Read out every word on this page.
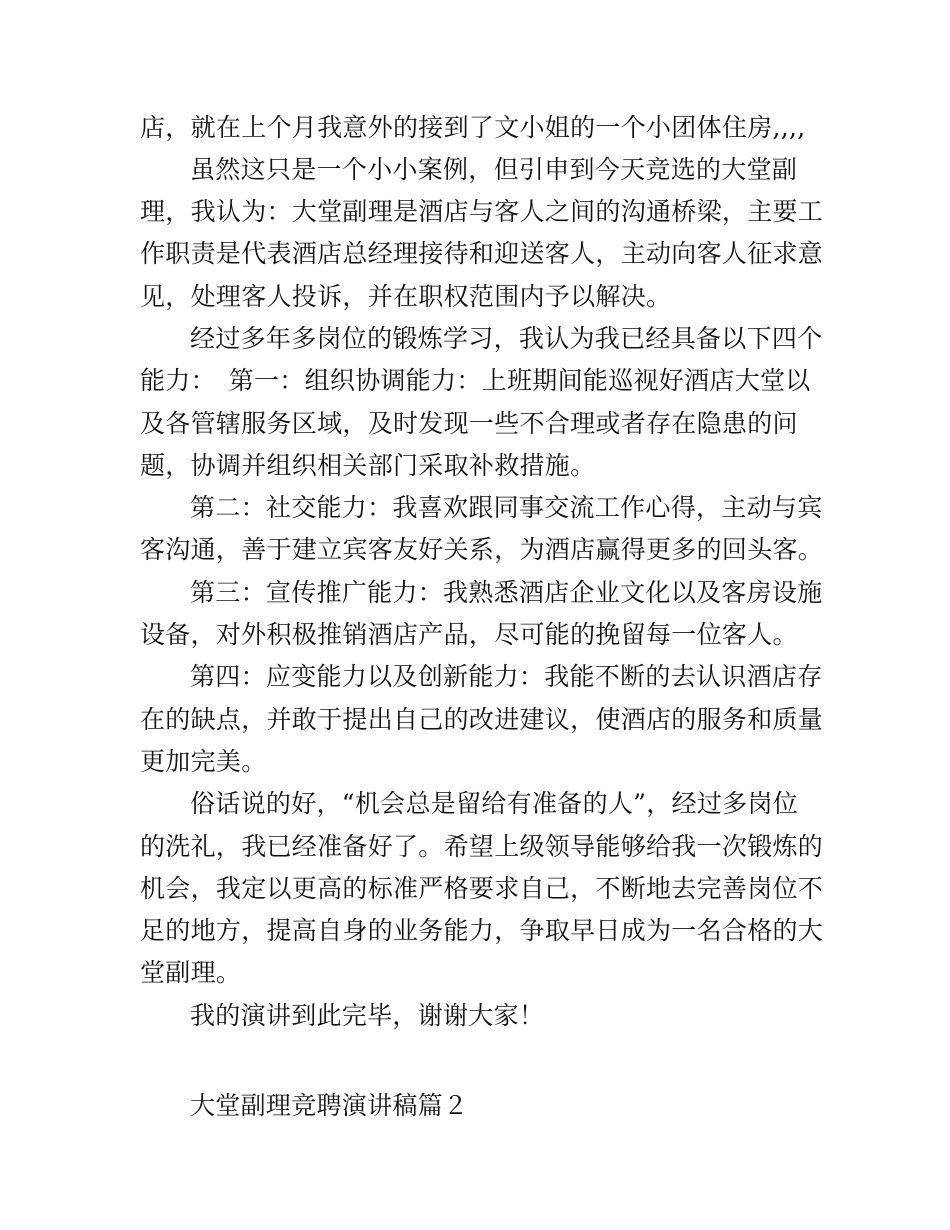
店，就在上个月我意外的接到了文小姐的一个小团体住房,,,,
虽然这只是一个小小案例，但引申到今天竞选的大堂副
理，我认为：大堂副理是酒店与客人之间的沟通桥梁，主要工
作职责是代表酒店总经理接待和迎送客人，主动向客人征求意
见，处理客人投诉，并在职权范围内予以解决。
经过多年多岗位的锻炼学习，我认为我已经具备以下四个
能力：　第一：组织协调能力：上班期间能巡视好酒店大堂以
及各管辖服务区域，及时发现一些不合理或者存在隐患的问
题，协调并组织相关部门采取补救措施。
第二：社交能力：我喜欢跟同事交流工作心得，主动与宾
客沟通，善于建立宾客友好关系，为酒店赢得更多的回头客。
第三：宣传推广能力：我熟悉酒店企业文化以及客房设施
设备，对外积极推销酒店产品，尽可能的挽留每一位客人。
第四：应变能力以及创新能力：我能不断的去认识酒店存
在的缺点，并敢于提出自己的改进建议，使酒店的服务和质量
更加完美。
俗话说的好，“机会总是留给有准备的人”，经过多岗位
的洗礼，我已经准备好了。希望上级领导能够给我一次锻炼的
机会，我定以更高的标准严格要求自己，不断地去完善岗位不
足的地方，提高自身的业务能力，争取早日成为一名合格的大
堂副理。
我的演讲到此完毕，谢谢大家！
大堂副理竞聘演讲稿篇２
